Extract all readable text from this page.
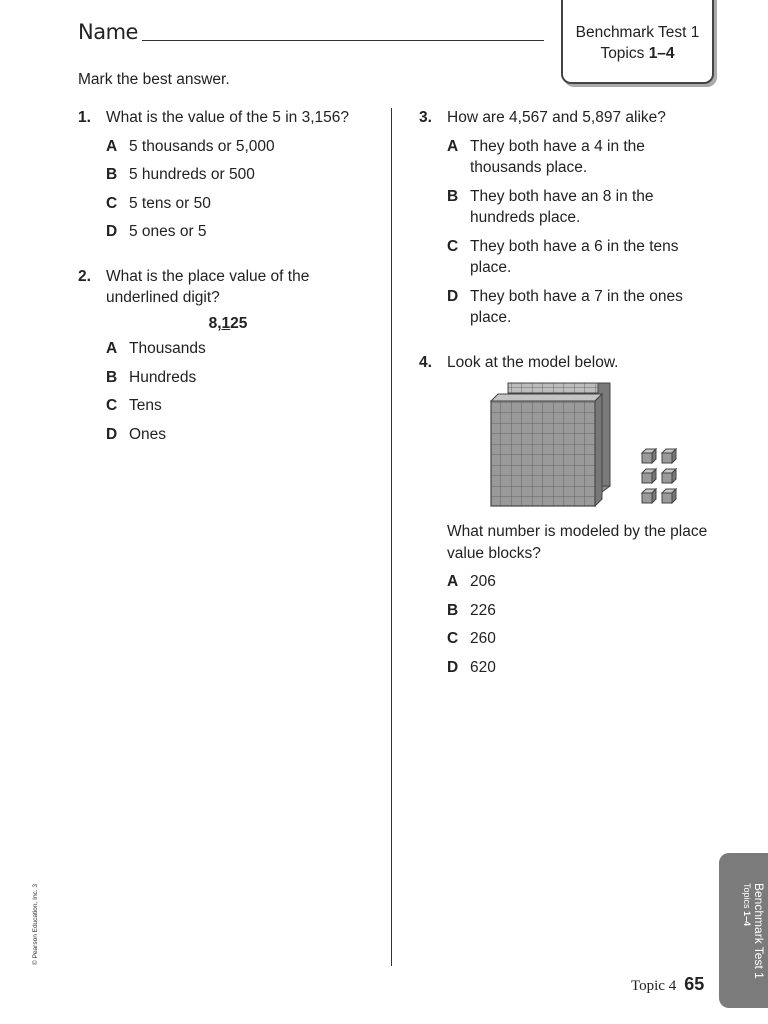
Name	Benchmark Test 1
Topics 1–4
Mark the best answer.
1. What is the value of the 5 in 3,156?
A 5 thousands or 5,000
B 5 hundreds or 500
C 5 tens or 50
D 5 ones or 5
2. What is the place value of the underlined digit?
8,125
A Thousands
B Hundreds
C Tens
D Ones
3. How are 4,567 and 5,897 alike?
A They both have a 4 in the thousands place.
B They both have an 8 in the hundreds place.
C They both have a 6 in the tens place.
D They both have a 7 in the ones place.
4. Look at the model below.
What number is modeled by the place value blocks?
A 206
B 226
C 260
D 620
© Pearson Education, Inc. 3	Benchmark Test 1
Topics 1–4
Topic 4 65
